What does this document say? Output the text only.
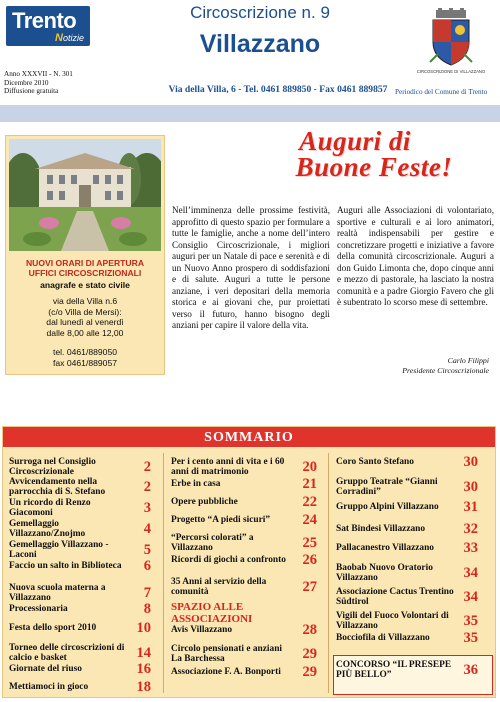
Trento
Notizie
Anno XXXVII - N. 301
Dicembre 2010
Diffusione gratuita
Circoscrizione n. 9
Villazzano
Via della Villa, 6 - Tel. 0461 889850 - Fax 0461 889857
CIRCOSCRIZIONE DI VILLAZZANO
Periodico del Comune di Trento
NUOVI ORARI DI APERTURA
UFFICI CIRCOSCRIZIONALI
anagrafe e stato civile
via della Villa n.6
(c/o Villa de Mersi):
dal lunedì al venerdì
dalle 8,00 alle 12,00
tel. 0461/889050
fax 0461/889057
Auguri di
Buone Feste!
Nell’imminenza delle prossime festività, approfitto di questo spazio per formulare a tutte le famiglie, anche a nome dell’intero Consiglio Circoscrizionale, i migliori auguri per un Natale di pace e serenità e di un Nuovo Anno prospero di soddisfazioni e di salute. Auguri a tutte le persone anziane, i veri depositari della memoria storica e ai giovani che, pur proiettati verso il futuro, hanno bisogno degli anziani per capire il valore della vita.
Auguri alle Associazioni di volontariato, sportive e culturali e ai loro animatori, realtà indispensabili per gestire e concretizzare progetti e iniziative a favore della comunità circoscrizionale. Auguri a don Guido Limonta che, dopo cinque anni e mezzo di pastorale, ha lasciato la nostra comunità e a padre Giorgio Favero che gli è subentrato lo scorso mese di settembre.
Carlo Filippi
Presidente Circoscrizionale
SOMMARIO
Surroga nel Consiglio Circoscrizionale	2
Avvicendamento nella parrocchia di S. Stefano	2
Un ricordo di Renzo Giacomoni	3
Gemellaggio Villazzano/Znojmo	4
Gemellaggio Villazzano - Laconi	5
Faccio un salto in Biblioteca	6
Nuova scuola materna a Villazzano	7
Processionaria	8
Festa dello sport 2010	10
Torneo delle circoscrizioni di calcio e basket	14
Giornate del riuso	16
Mettiamoci in gioco	18
Per i cento anni di vita e i 60 anni di matrimonio	20
Erbe in casa	21
Opere pubbliche	22
Progetto “A piedi sicuri”	24
“Percorsi colorati” a Villazzano	25
Ricordi di giochi a confronto 26
35 Anni al servizio della comunità	27
SPAZIO ALLE ASSOCIAZIONI
Avis Villazzano	28
Circolo pensionati e anziani La Barchessa	29
Associazione F. A. Bonporti	29
Coro Santo Stefano	30
Gruppo Teatrale “Gianni Corradini”	30
Gruppo Alpini Villazzano	31
Sat Bindesi Villazzano	32
Pallacanestro Villazzano	33
Baobab Nuovo Oratorio Villazzano	34
Associazione Cactus Trentino Südtirol	34
Vigili del Fuoco Volontari di Villazzano	35
Bocciofila di Villazzano	35
CONCORSO “IL PRESEPE PIÙ BELLO”	36
